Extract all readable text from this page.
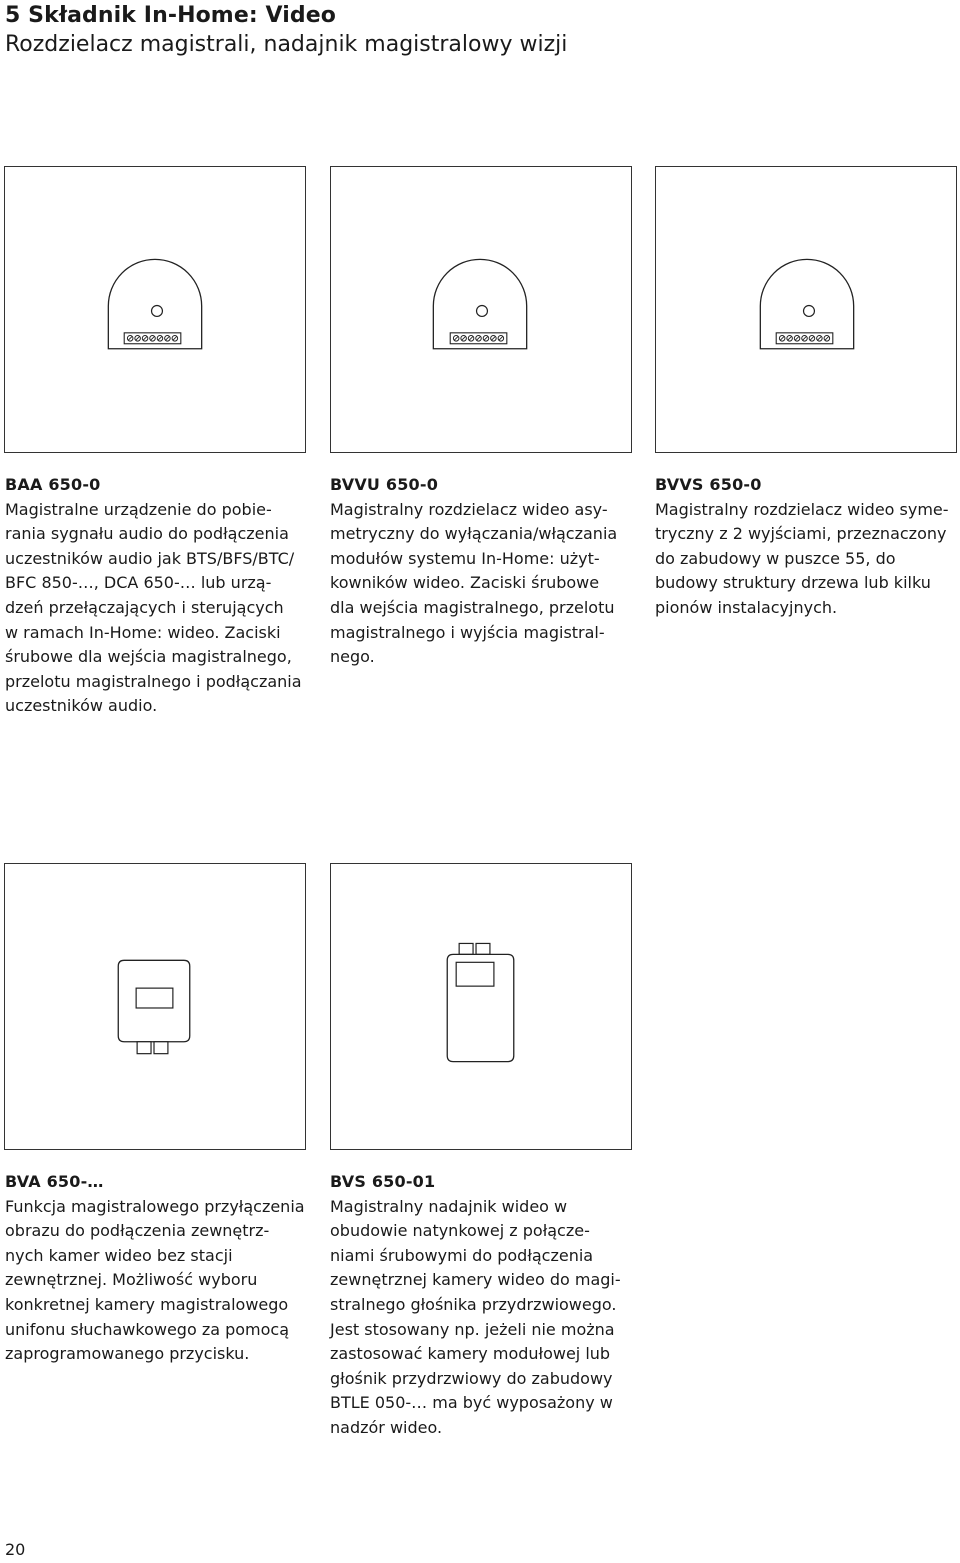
5 Składnik In-Home: Video
Rozdzielacz magistrali, nadajnik magistralowy wizji
BAA 650-0
Magistralne urządzenie do pobie-
rania sygnału audio do podłączenia
uczestników audio jak BTS/BFS/BTC/
BFC 850-…, DCA 650-… lub urzą-
dzeń przełączających i sterujących
w ramach In-Home: wideo. Zaciski
śrubowe dla wejścia magistralnego,
przelotu magistralnego i podłączania
uczestników audio.
BVVU 650-0
Magistralny rozdzielacz wideo asy-
metryczny do wyłączania/włączania
modułów systemu In-Home: użyt-
kowników wideo. Zaciski śrubowe
dla wejścia magistralnego, przelotu
magistralnego i wyjścia magistral-
nego.
BVVS 650-0
Magistralny rozdzielacz wideo syme-
tryczny z 2 wyjściami, przeznaczony
do zabudowy w puszce 55, do
budowy struktury drzewa lub kilku
pionów instalacyjnych.
BVA 650-…
Funkcja magistralowego przyłączenia
obrazu do podłączenia zewnętrz-
nych kamer wideo bez stacji
zewnętrznej. Możliwość wyboru
konkretnej kamery magistralowego
unifonu słuchawkowego za pomocą
zaprogramowanego przycisku.
BVS 650-01
Magistralny nadajnik wideo w
obudowie natynkowej z połącze-
niami śrubowymi do podłączenia
zewnętrznej kamery wideo do magi-
stralnego głośnika przydrzwiowego.
Jest stosowany np. jeżeli nie można
zastosować kamery modułowej lub
głośnik przydrzwiowy do zabudowy
BTLE 050-… ma być wyposażony w
nadzór wideo.
20
